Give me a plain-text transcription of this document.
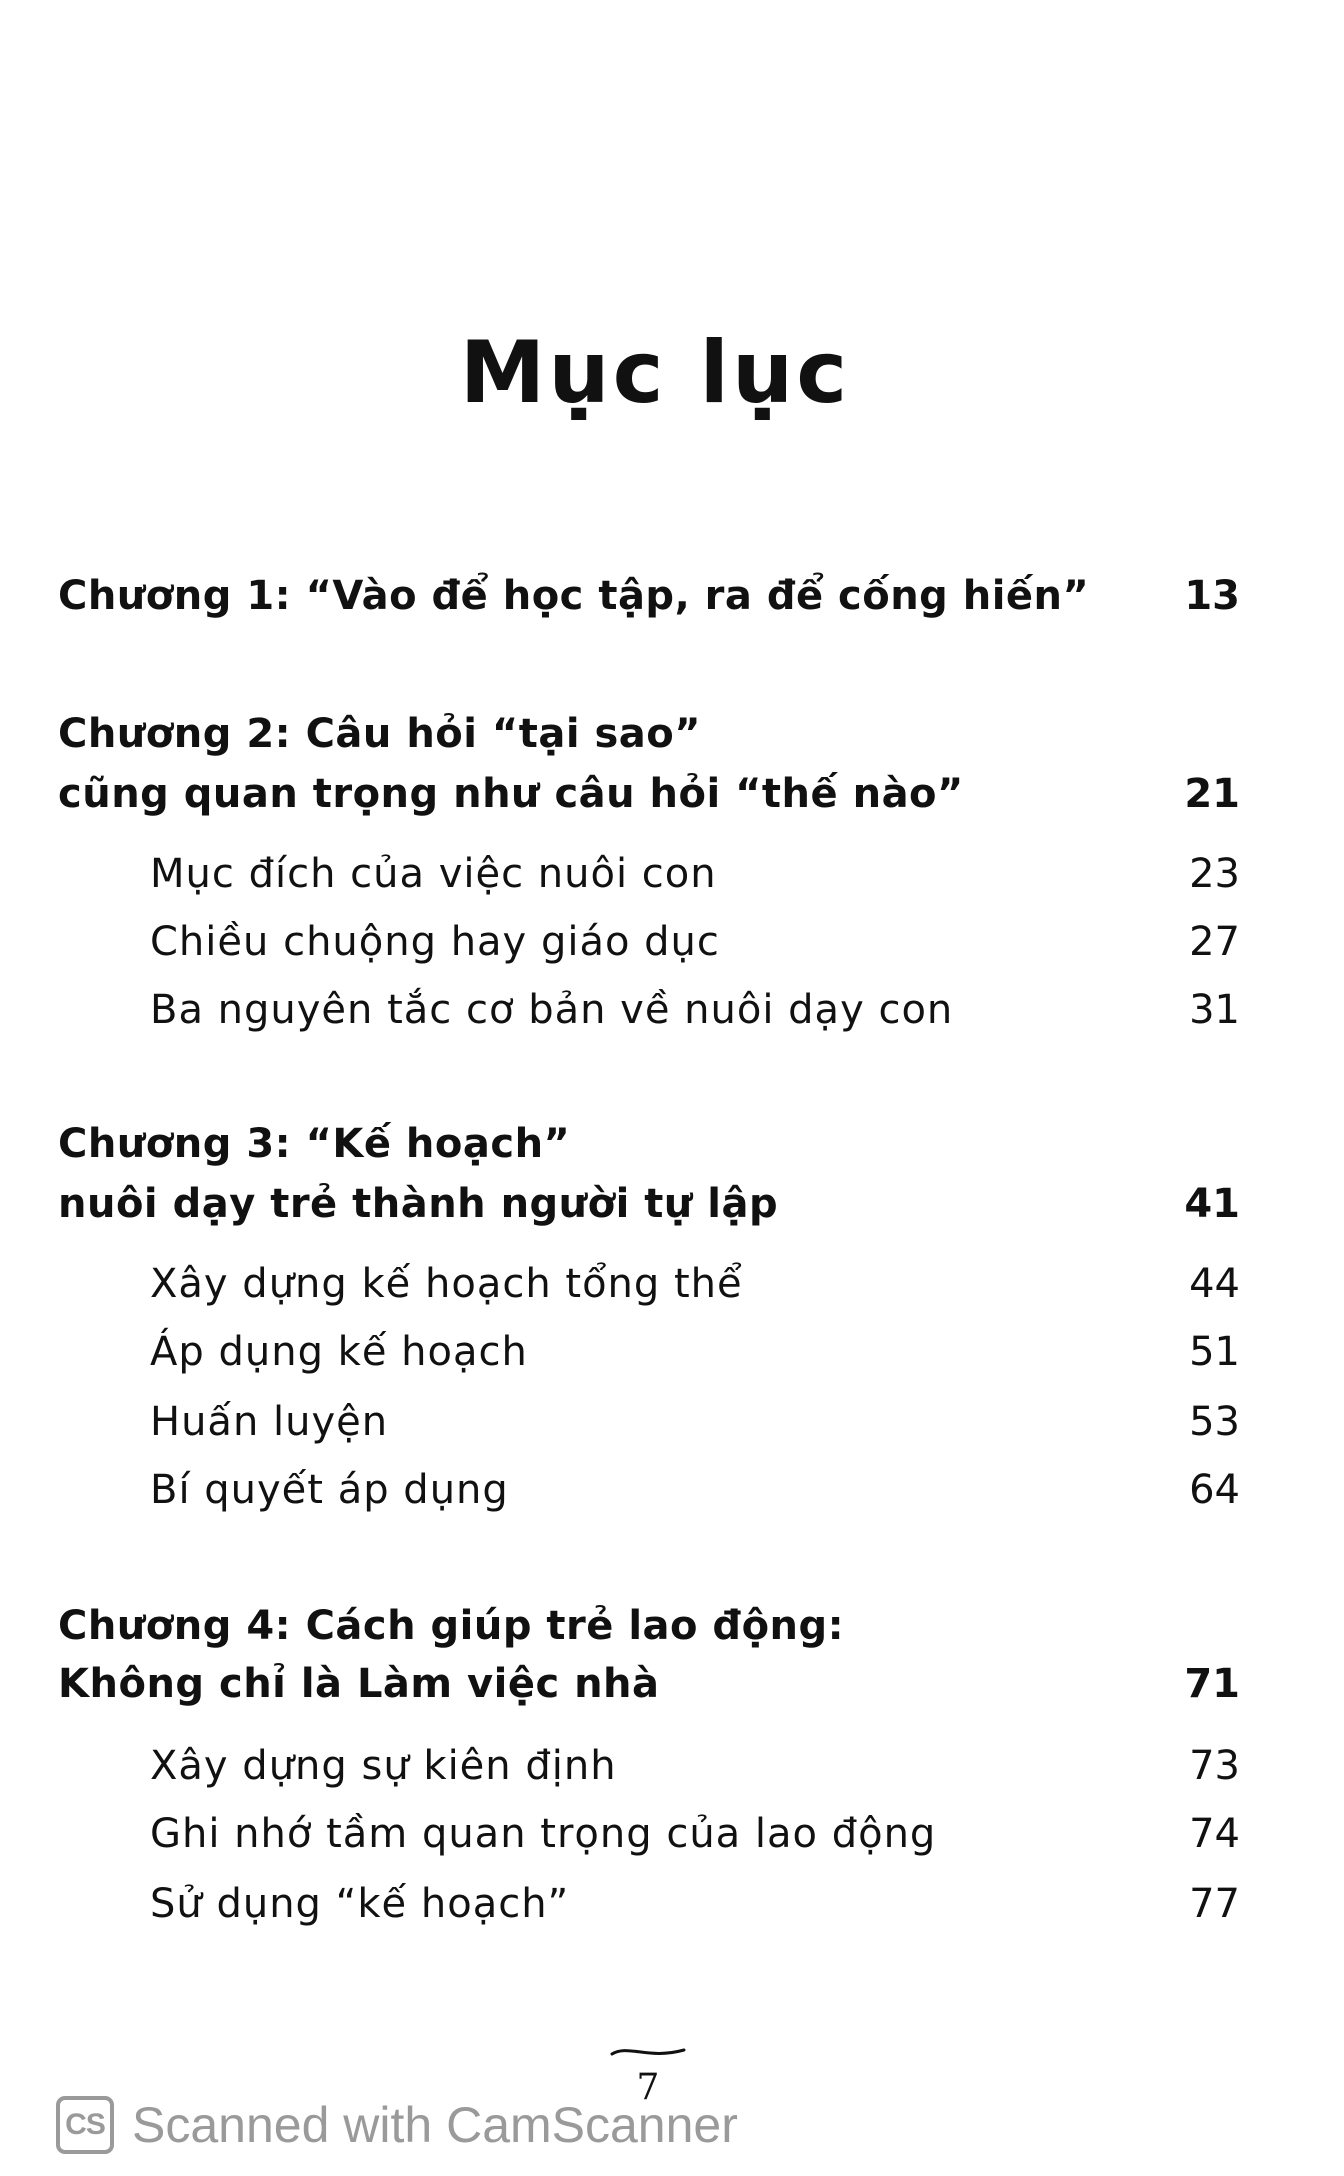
Mục lục
Chương 1: “Vào để học tập, ra để cống hiến” 13
Chương 2: Câu hỏi “tại sao”
cũng quan trọng như câu hỏi “thế nào”	21
Mục đích của việc nuôi con	23
Chiều chuộng hay giáo dục	27
Ba nguyên tắc cơ bản về nuôi dạy con	31
Chương 3: “Kế hoạch”
nuôi dạy trẻ thành người tự lập	41
Xây dựng kế hoạch tổng thể	44
Áp dụng kế hoạch	51
Huấn luyện	53
Bí quyết áp dụng	64
Chương 4: Cách giúp trẻ lao động:
Không chỉ là Làm việc nhà	71
Xây dựng sự kiên định	73
Ghi nhớ tầm quan trọng của lao động	74
Sử dụng “kế hoạch”	77
7
CS Scanned with CamScanner
